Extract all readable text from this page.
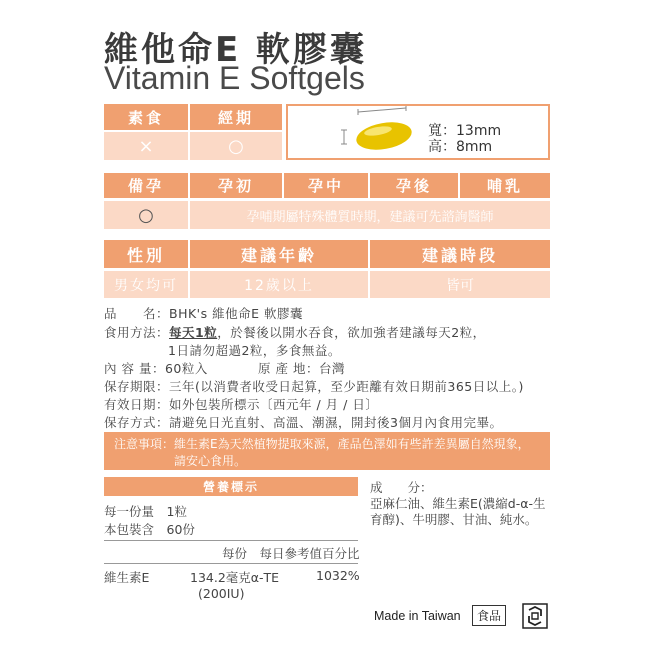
維他命E 軟膠囊
Vitamin E Softgels
素食	經期
×	○
寬：13mm
高：8mm
備孕	孕初	孕中	孕後	哺乳
○	孕哺期屬特殊體質時期，建議可先諮詢醫師
性別	建議年齡	建議時段
男女均可	12歲以上	皆可
品　　名：BHK's 維他命E 軟膠囊
食用方法：每天1粒，於餐後以開水吞食，欲加強者建議每天2粒，
1日請勿超過2粒，多食無益。
內 容 量：60粒入	原 產 地：台灣
保存期限：三年(以消費者收受日起算，至少距離有效日期前365日以上。)
有效日期：如外包裝所標示〔西元年 / 月 / 日〕
保存方式：請避免日光直射、高溫、潮濕，開封後3個月內食用完畢。
注意事項：維生素E為天然植物提取來源，產品色澤如有些許差異屬自然現象，
請安心食用。
營養標示
每一份量　1粒
本包裝含　60份
每份　每日參考值百分比
維生素E	134.2毫克α-TE	1032%
(200IU)
成　　分：
亞麻仁油、維生素E(濃縮d-α-生
育醇)、牛明膠、甘油、純水。
Made in Taiwan	食品
